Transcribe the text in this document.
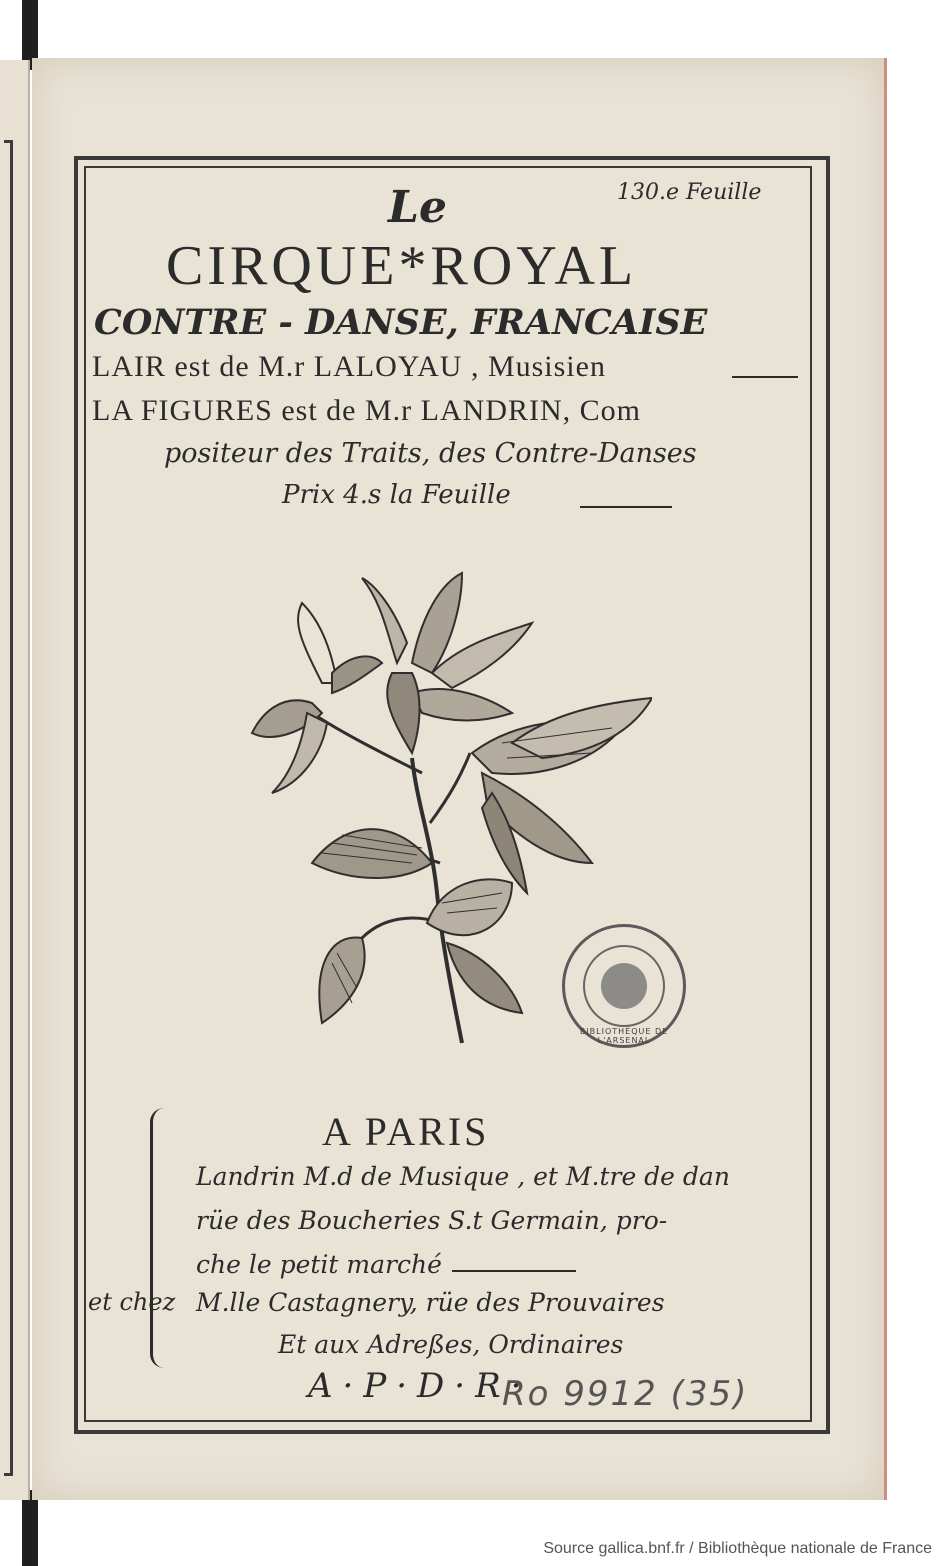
Le	130.e Feuille
CIRQUE*ROYAL
CONTRE - DANSE, FRANCAISE
LAIR est de M.r LALOYAU , Musisien
LA FIGURES est de M.r LANDRIN, Com
positeur des Traits, des Contre-Danses
Prix 4.s la Feuille
BIBLIOTHÈQUE DE L'ARSENAL
A PARIS
Landrin M.d de Musique , et M.tre de dan
rüe des Boucheries S.t Germain, pro-
che le petit marché
et chez M.lle Castagnery, rüe des Prouvaires
Et aux Adreßes, Ordinaires
A·P·D·R·
Ro 9912 (35)
Source gallica.bnf.fr / Bibliothèque nationale de France
